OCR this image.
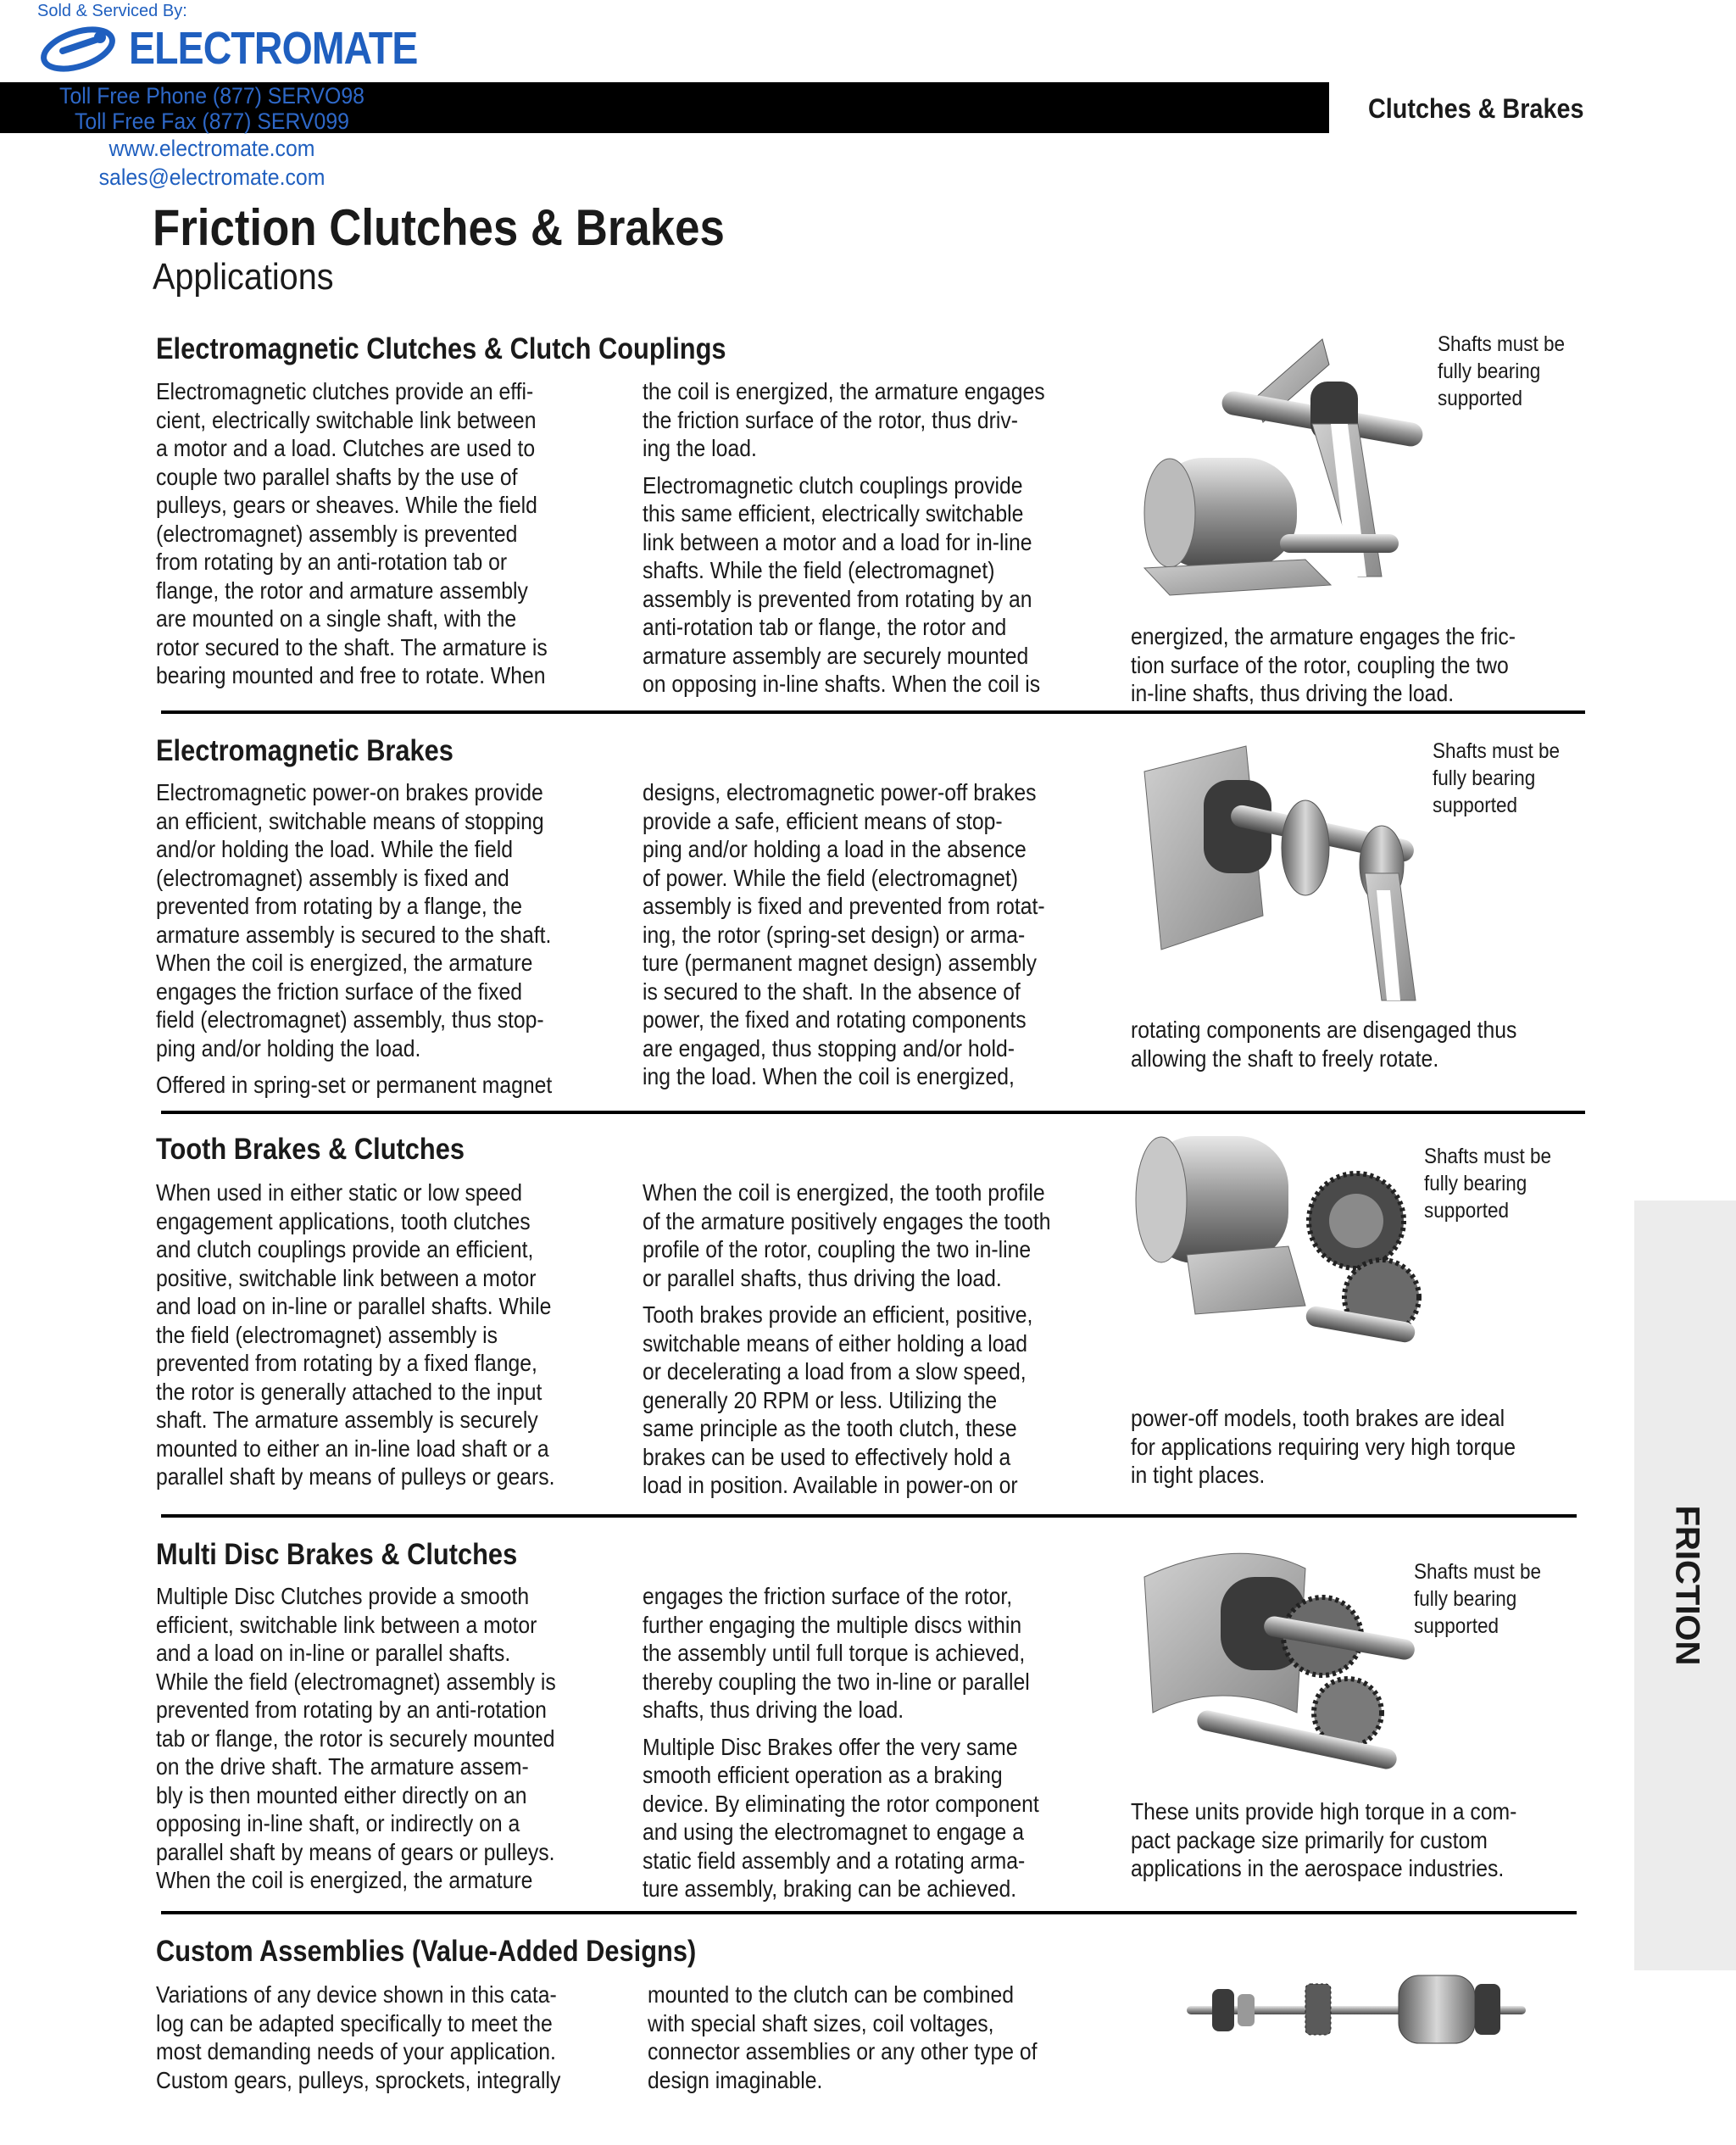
Sold & Serviced By:
ELECTROMATE
Toll Free Phone (877) SERVO98
Toll Free Fax (877) SERV099
www.electromate.com
sales@electromate.com
Clutches & Brakes
Friction Clutches & Brakes
Applications
FRICTION
Electromagnetic Clutches & Clutch Couplings

Electromagnetic clutches provide an effi-
cient, electrically switchable link between
a motor and a load. Clutches are used to
couple two parallel shafts by the use of
pulleys, gears or sheaves. While the field
(electromagnet) assembly is prevented
from rotating by an anti-rotation tab or
flange, the rotor and armature assembly
are mounted on a single shaft, with the
rotor secured to the shaft. The armature is
bearing mounted and free to rotate. When

the coil is energized, the armature engages
the friction surface of the rotor, thus driv-
ing the load.

Electromagnetic clutch couplings provide
this same efficient, electrically switchable
link between a motor and a load for in-line
shafts. While the field (electromagnet)
assembly is prevented from rotating by an
anti-rotation tab or flange, the rotor and
armature assembly are securely mounted
on opposing in-line shafts. When the coil is

energized, the armature engages the fric-
tion surface of the rotor, coupling the two
in-line shafts, thus driving the load.
Shafts must be
fully bearing
supported
Electromagnetic Brakes

Electromagnetic power-on brakes provide
an efficient, switchable means of stopping
and/or holding the load. While the field
(electromagnet) assembly is fixed and
prevented from rotating by a flange, the
armature assembly is secured to the shaft.
When the coil is energized, the armature
engages the friction surface of the fixed
field (electromagnet) assembly, thus stop-
ping and/or holding the load.

Offered in spring-set or permanent magnet

designs, electromagnetic power-off brakes
provide a safe, efficient means of stop-
ping and/or holding a load in the absence
of power. While the field (electromagnet)
assembly is fixed and prevented from rotat-
ing, the rotor (spring-set design) or arma-
ture (permanent magnet design) assembly
is secured to the shaft. In the absence of
power, the fixed and rotating components
are engaged, thus stopping and/or hold-
ing the load. When the coil is energized,

rotating components are disengaged thus
allowing the shaft to freely rotate.
Shafts must be
fully bearing
supported
Tooth Brakes & Clutches

When used in either static or low speed
engagement applications, tooth clutches
and clutch couplings provide an efficient,
positive, switchable link between a motor
and load on in-line or parallel shafts. While
the field (electromagnet) assembly is
prevented from rotating by a fixed flange,
the rotor is generally attached to the input
shaft. The armature assembly is securely
mounted to either an in-line load shaft or a
parallel shaft by means of pulleys or gears.

When the coil is energized, the tooth profile
of the armature positively engages the tooth
profile of the rotor, coupling the two in-line
or parallel shafts, thus driving the load.

Tooth brakes provide an efficient, positive,
switchable means of either holding a load
or decelerating a load from a slow speed,
generally 20 RPM or less. Utilizing the
same principle as the tooth clutch, these
brakes can be used to effectively hold a
load in position. Available in power-on or

power-off models, tooth brakes are ideal
for applications requiring very high torque
in tight places.
Shafts must be
fully bearing
supported
Multi Disc Brakes & Clutches

Multiple Disc Clutches provide a smooth
efficient, switchable link between a motor
and a load on in-line or parallel shafts.
While the field (electromagnet) assembly is
prevented from rotating by an anti-rotation
tab or flange, the rotor is securely mounted
on the drive shaft. The armature assem-
bly is then mounted either directly on an
opposing in-line shaft, or indirectly on a
parallel shaft by means of gears or pulleys.
When the coil is energized, the armature

engages the friction surface of the rotor,
further engaging the multiple discs within
the assembly until full torque is achieved,
thereby coupling the two in-line or parallel
shafts, thus driving the load.

Multiple Disc Brakes offer the very same
smooth efficient operation as a braking
device. By eliminating the rotor component
and using the electromagnet to engage a
static field assembly and a rotating arma-
ture assembly, braking can be achieved.

These units provide high torque in a com-
pact package size primarily for custom
applications in the aerospace industries.
Shafts must be
fully bearing
supported
Custom Assemblies (Value-Added Designs)

Variations of any device shown in this cata-
log can be adapted specifically to meet the
most demanding needs of your application.
Custom gears, pulleys, sprockets, integrally

mounted to the clutch can be combined
with special shaft sizes, coil voltages,
connector assemblies or any other type of
design imaginable.
